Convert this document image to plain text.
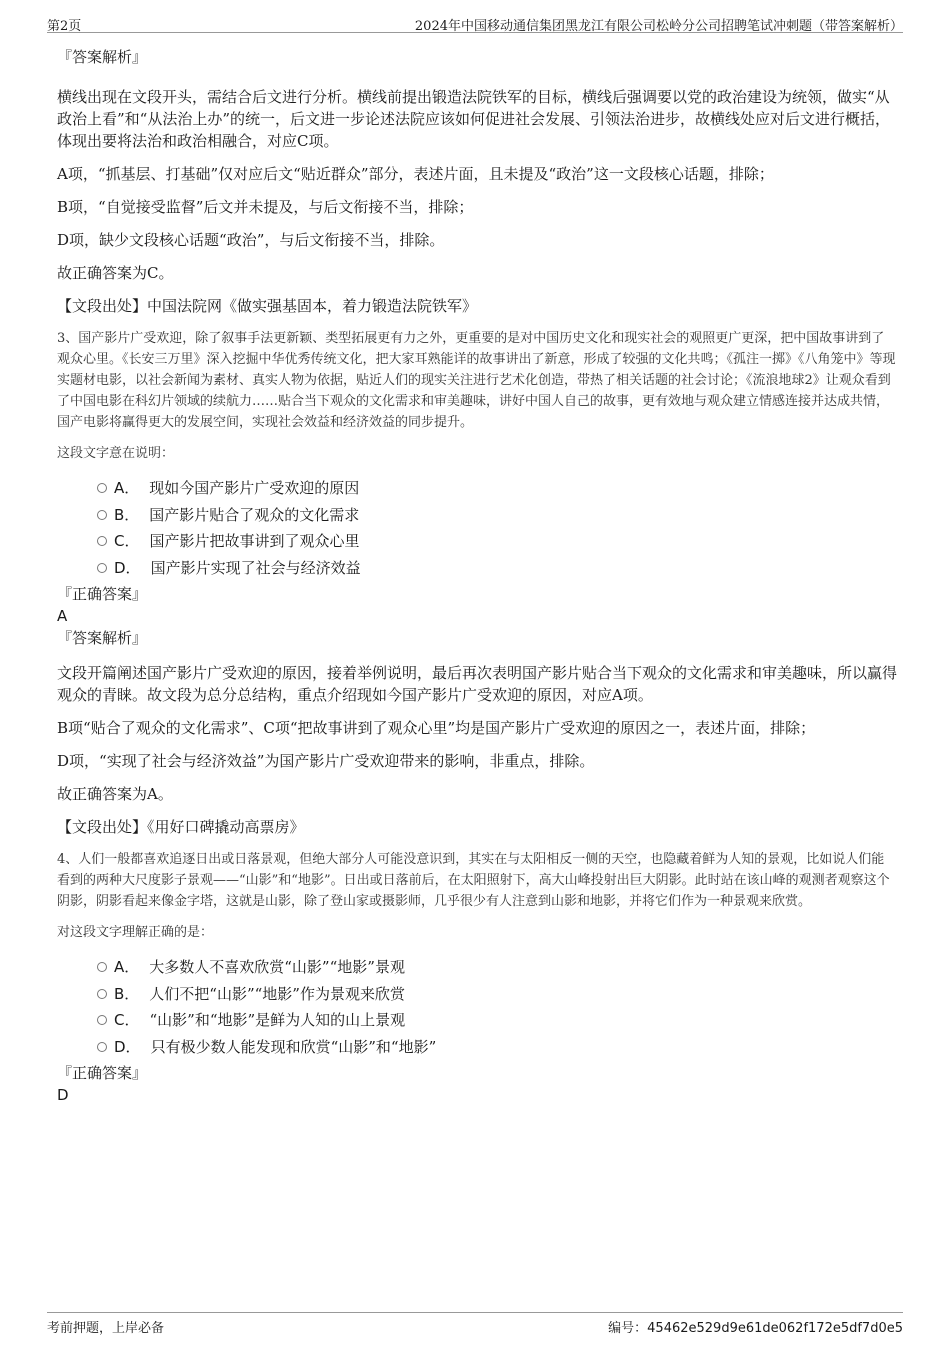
第2页	2024年中国移动通信集团黑龙江有限公司松岭分公司招聘笔试冲刺题（带答案解析）

『答案解析』

横线出现在文段开头，需结合后文进行分析。横线前提出锻造法院铁军的目标，横线后强调要以党的政治建设为统领，做实“从政治上看”和“从法治上办”的统一，后文进一步论述法院应该如何促进社会发展、引领法治进步，故横线处应对后文进行概括，体现出要将法治和政治相融合，对应C项。

A项，“抓基层、打基础”仅对应后文“贴近群众”部分，表述片面，且未提及“政治”这一文段核心话题，排除；

B项，“自觉接受监督”后文并未提及，与后文衔接不当，排除；

D项，缺少文段核心话题“政治”，与后文衔接不当，排除。

故正确答案为C。

【文段出处】中国法院网《做实强基固本，着力锻造法院铁军》

3、国产影片广受欢迎，除了叙事手法更新颖、类型拓展更有力之外，更重要的是对中国历史文化和现实社会的观照更广更深，把中国故事讲到了观众心里。《长安三万里》深入挖掘中华优秀传统文化，把大家耳熟能详的故事讲出了新意，形成了较强的文化共鸣；《孤注一掷》《八角笼中》等现实题材电影，以社会新闻为素材、真实人物为依据，贴近人们的现实关注进行艺术化创造，带热了相关话题的社会讨论；《流浪地球2》让观众看到了中国电影在科幻片领域的续航力……贴合当下观众的文化需求和审美趣味，讲好中国人自己的故事，更有效地与观众建立情感连接并达成共情，国产电影将赢得更大的发展空间，实现社会效益和经济效益的同步提升。

这段文字意在说明：

A． 现如今国产影片广受欢迎的原因
B． 国产影片贴合了观众的文化需求
C． 国产影片把故事讲到了观众心里
D． 国产影片实现了社会与经济效益

『正确答案』

A

『答案解析』

文段开篇阐述国产影片广受欢迎的原因，接着举例说明，最后再次表明国产影片贴合当下观众的文化需求和审美趣味，所以赢得观众的青睐。故文段为总分总结构，重点介绍现如今国产影片广受欢迎的原因，对应A项。

B项“贴合了观众的文化需求”、C项“把故事讲到了观众心里”均是国产影片广受欢迎的原因之一，表述片面，排除；

D项，“实现了社会与经济效益”为国产影片广受欢迎带来的影响，非重点，排除。

故正确答案为A。

【文段出处】《用好口碑撬动高票房》

4、人们一般都喜欢追逐日出或日落景观，但绝大部分人可能没意识到，其实在与太阳相反一侧的天空，也隐藏着鲜为人知的景观，比如说人们能看到的两种大尺度影子景观——“山影”和“地影”。日出或日落前后，在太阳照射下，高大山峰投射出巨大阴影。此时站在该山峰的观测者观察这个阴影，阴影看起来像金字塔，这就是山影，除了登山家或摄影师，几乎很少有人注意到山影和地影，并将它们作为一种景观来欣赏。

对这段文字理解正确的是：

A． 大多数人不喜欢欣赏“山影”“地影”景观
B． 人们不把“山影”“地影”作为景观来欣赏
C． “山影”和“地影”是鲜为人知的山上景观
D． 只有极少数人能发现和欣赏“山影”和“地影”

『正确答案』

D

考前押题，上岸必备	编号：45462e529d9e61de062f172e5df7d0e5
